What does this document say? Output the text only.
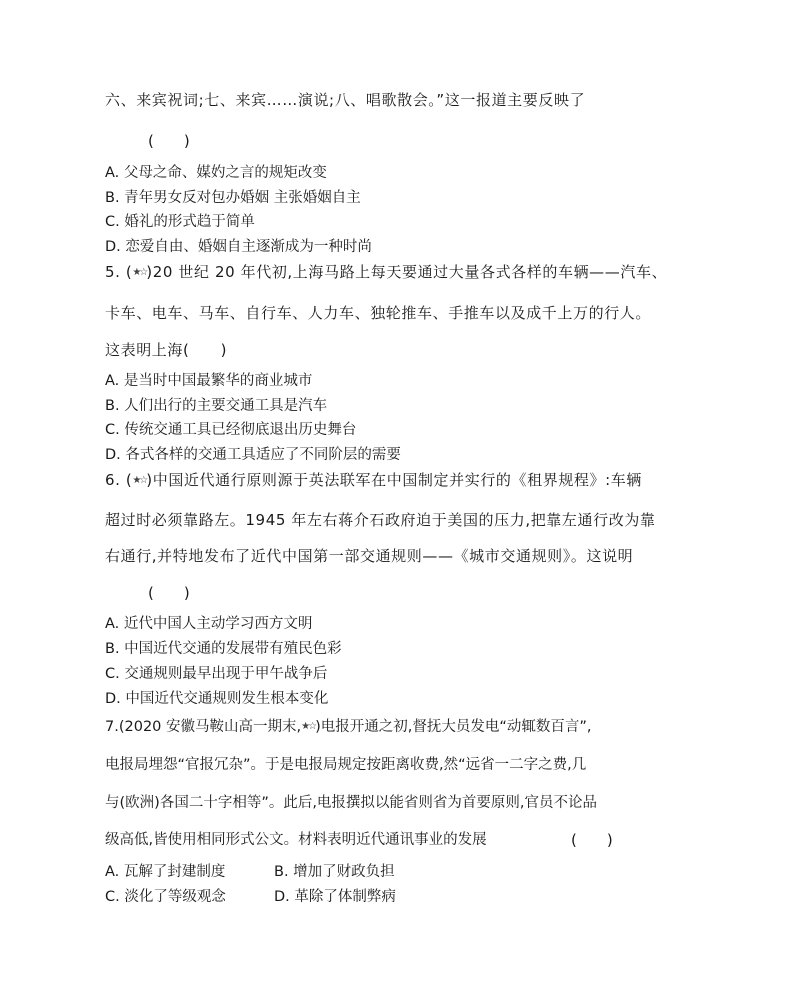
六、来宾祝词;七、来宾……演说;八、唱歌散会。”这一报道主要反映了
(　　)
A. 父母之命、媒妁之言的规矩改变
B. 青年男女反对包办婚姻 主张婚姻自主
C. 婚礼的形式趋于简单
D. 恋爱自由、婚姻自主逐渐成为一种时尚
5. (★☆)20 世纪 20 年代初,上海马路上每天要通过大量各式各样的车辆——汽车、
卡车、电车、马车、自行车、人力车、独轮推车、手推车以及成千上万的行人。
这表明上海(　　)
A. 是当时中国最繁华的商业城市
B. 人们出行的主要交通工具是汽车
C. 传统交通工具已经彻底退出历史舞台
D. 各式各样的交通工具适应了不同阶层的需要
6. (★☆)中国近代通行原则源于英法联军在中国制定并实行的《租界规程》:车辆
超过时必须靠路左。1945 年左右蒋介石政府迫于美国的压力,把靠左通行改为靠
右通行,并特地发布了近代中国第一部交通规则——《城市交通规则》。这说明
(　　)
A. 近代中国人主动学习西方文明
B. 中国近代交通的发展带有殖民色彩
C. 交通规则最早出现于甲午战争后
D. 中国近代交通规则发生根本变化
7.(2020 安徽马鞍山高一期末,★☆)电报开通之初,督抚大员发电“动辄数百言”,
电报局埋怨“官报冗杂”。于是电报局规定按距离收费,然“远省一二字之费,几
与(欧洲)各国二十字相等”。此后,电报撰拟以能省则省为首要原则,官员不论品
级高低,皆使用相同形式公文。材料表明近代通讯事业的发展	(　　)
A. 瓦解了封建制度	B. 增加了财政负担
C. 淡化了等级观念	D. 革除了体制弊病
